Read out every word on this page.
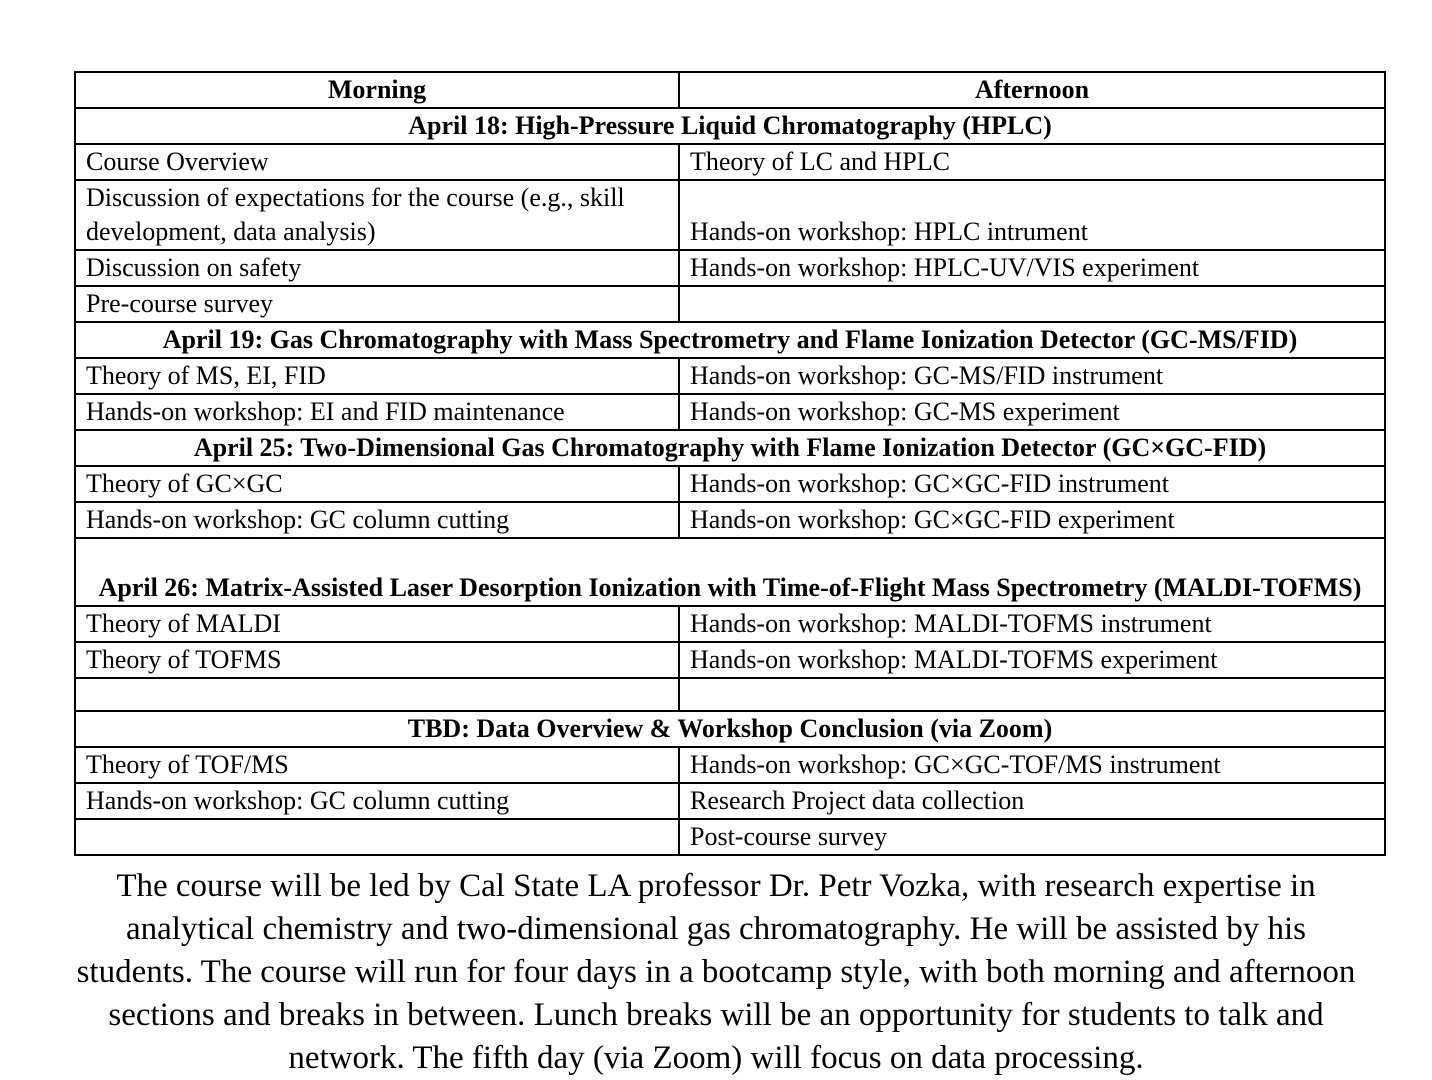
Morning	Afternoon
April 18: High-Pressure Liquid Chromatography (HPLC)	
Course Overview	Theory of LC and HPLC
Discussion of expectations for the course (e.g., skill development, data analysis)	Hands-on workshop: HPLC intrument
Discussion on safety	Hands-on workshop: HPLC-UV/VIS experiment
Pre-course survey	
April 19: Gas Chromatography with Mass Spectrometry and Flame Ionization Detector (GC-MS/FID)	
Theory of MS, EI, FID	Hands-on workshop: GC-MS/FID instrument
Hands-on workshop: EI and FID maintenance	Hands-on workshop: GC-MS experiment
April 25: Two-Dimensional Gas Chromatography with Flame Ionization Detector (GC×GC-FID)	
Theory of GC×GC	Hands-on workshop: GC×GC-FID instrument
Hands-on workshop: GC column cutting	Hands-on workshop: GC×GC-FID experiment
April 26: Matrix-Assisted Laser Desorption Ionization with Time-of-Flight Mass Spectrometry (MALDI-TOFMS)	
Theory of MALDI	Hands-on workshop: MALDI-TOFMS instrument
Theory of TOFMS	Hands-on workshop: MALDI-TOFMS experiment

TBD: Data Overview & Workshop Conclusion (via Zoom)	
Theory of TOF/MS	Hands-on workshop: GC×GC-TOF/MS instrument
Hands-on workshop: GC column cutting	Research Project data collection
	Post-course survey

The course will be led by Cal State LA professor Dr. Petr Vozka, with research expertise in analytical chemistry and two-dimensional gas chromatography. He will be assisted by his students. The course will run for four days in a bootcamp style, with both morning and afternoon sections and breaks in between. Lunch breaks will be an opportunity for students to talk and network. The fifth day (via Zoom) will focus on data processing.
